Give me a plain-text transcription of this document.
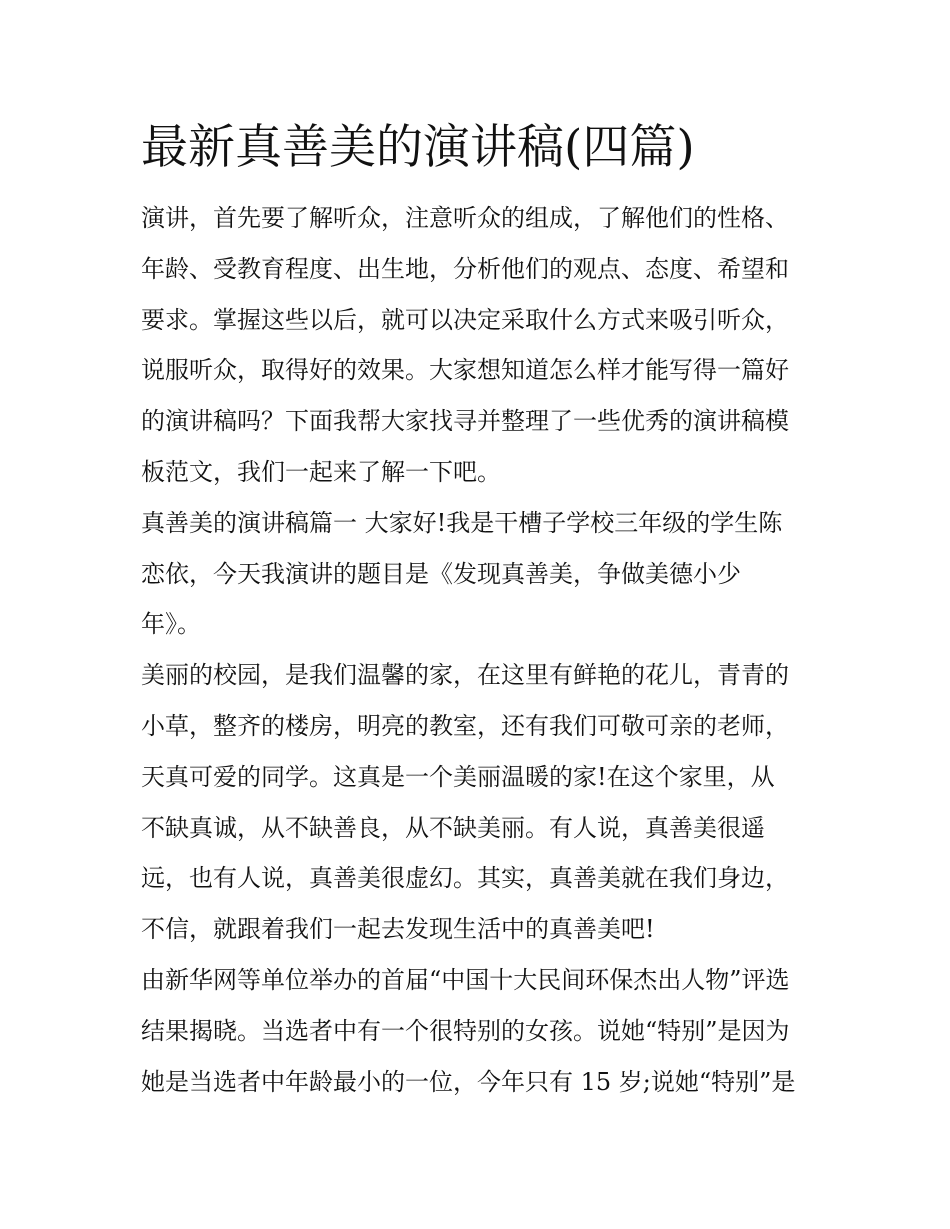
最新真善美的演讲稿(四篇)

演讲，首先要了解听众，注意听众的组成，了解他们的性格、
年龄、受教育程度、出生地，分析他们的观点、态度、希望和
要求。掌握这些以后，就可以决定采取什么方式来吸引听众，
说服听众，取得好的效果。大家想知道怎么样才能写得一篇好
的演讲稿吗？下面我帮大家找寻并整理了一些优秀的演讲稿模
板范文，我们一起来了解一下吧。

真善美的演讲稿篇一 大家好!我是干槽子学校三年级的学生陈
恋依，今天我演讲的题目是《发现真善美，争做美德小少
年》。

美丽的校园，是我们温馨的家，在这里有鲜艳的花儿，青青的
小草，整齐的楼房，明亮的教室，还有我们可敬可亲的老师，
天真可爱的同学。这真是一个美丽温暖的家!在这个家里，从
不缺真诚，从不缺善良，从不缺美丽。有人说，真善美很遥
远，也有人说，真善美很虚幻。其实，真善美就在我们身边，
不信，就跟着我们一起去发现生活中的真善美吧!

由新华网等单位举办的首届“中国十大民间环保杰出人物”评选
结果揭晓。当选者中有一个很特别的女孩。说她“特别”是因为
她是当选者中年龄最小的一位，今年只有 15 岁;说她“特别”是
